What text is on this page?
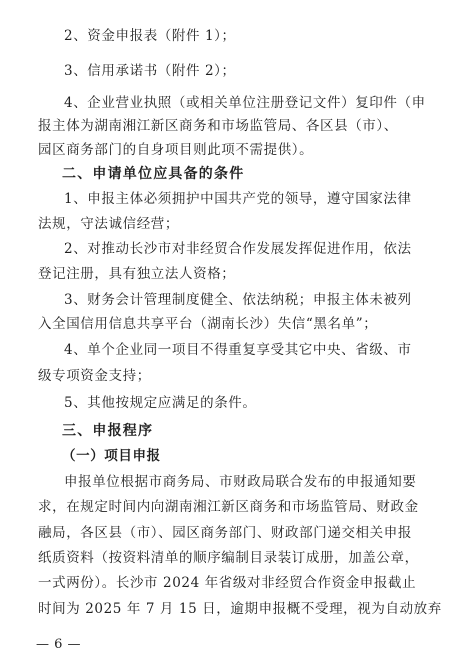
2、资金申报表（附件 1）；
3、信用承诺书（附件 2）；
4、企业营业执照（或相关单位注册登记文件）复印件（申
报主体为湖南湘江新区商务和市场监管局、各区县（市）、
园区商务部门的自身项目则此项不需提供）。
二、申请单位应具备的条件
1、申报主体必须拥护中国共产党的领导，遵守国家法律
法规，守法诚信经营；
2、对推动长沙市对非经贸合作发展发挥促进作用，依法
登记注册，具有独立法人资格；
3、财务会计管理制度健全、依法纳税；申报主体未被列
入全国信用信息共享平台（湖南长沙）失信“黑名单”；
4、单个企业同一项目不得重复享受其它中央、省级、市
级专项资金支持；
5、其他按规定应满足的条件。
三、申报程序
（一）项目申报
申报单位根据市商务局、市财政局联合发布的申报通知要
求，在规定时间内向湖南湘江新区商务和市场监管局、财政金
融局，各区县（市）、园区商务部门、财政部门递交相关申报
纸质资料（按资料清单的顺序编制目录装订成册，加盖公章，
一式两份）。长沙市 2024 年省级对非经贸合作资金申报截止
时间为 2025 年 7 月 15 日，逾期申报概不受理，视为自动放弃
— 6 —
